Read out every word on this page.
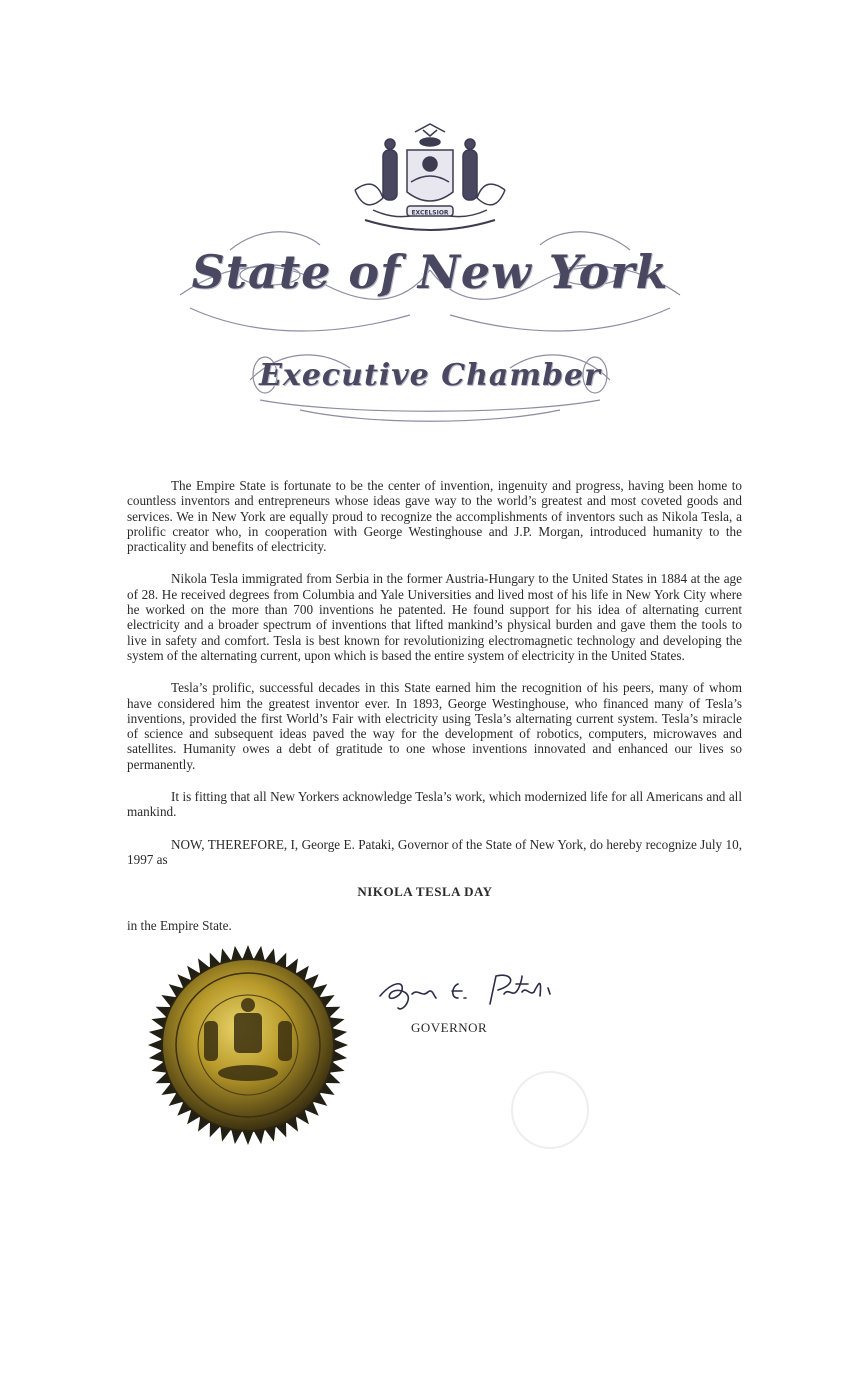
EXCELSIOR
State of New York
Executive Chamber

The Empire State is fortunate to be the center of invention, ingenuity and progress, having been home to countless inventors and entrepreneurs whose ideas gave way to the world’s greatest and most coveted goods and services. We in New York are equally proud to recognize the accomplishments of inventors such as Nikola Tesla, a prolific creator who, in cooperation with George Westinghouse and J.P. Morgan, introduced humanity to the practicality and benefits of electricity.

Nikola Tesla immigrated from Serbia in the former Austria-Hungary to the United States in 1884 at the age of 28. He received degrees from Columbia and Yale Universities and lived most of his life in New York City where he worked on the more than 700 inventions he patented. He found support for his idea of alternating current electricity and a broader spectrum of inventions that lifted mankind’s physical burden and gave them the tools to live in safety and comfort. Tesla is best known for revolutionizing electromagnetic technology and developing the system of the alternating current, upon which is based the entire system of electricity in the United States.

Tesla’s prolific, successful decades in this State earned him the recognition of his peers, many of whom have considered him the greatest inventor ever. In 1893, George Westinghouse, who financed many of Tesla’s inventions, provided the first World’s Fair with electricity using Tesla’s alternating current system. Tesla’s miracle of science and subsequent ideas paved the way for the development of robotics, computers, microwaves and satellites. Humanity owes a debt of gratitude to one whose inventions innovated and enhanced our lives so permanently.

It is fitting that all New Yorkers acknowledge Tesla’s work, which modernized life for all Americans and all mankind.

NOW, THEREFORE, I, George E. Pataki, Governor of the State of New York, do hereby recognize July 10, 1997 as

NIKOLA TESLA DAY
in the Empire State.
GOVERNOR
